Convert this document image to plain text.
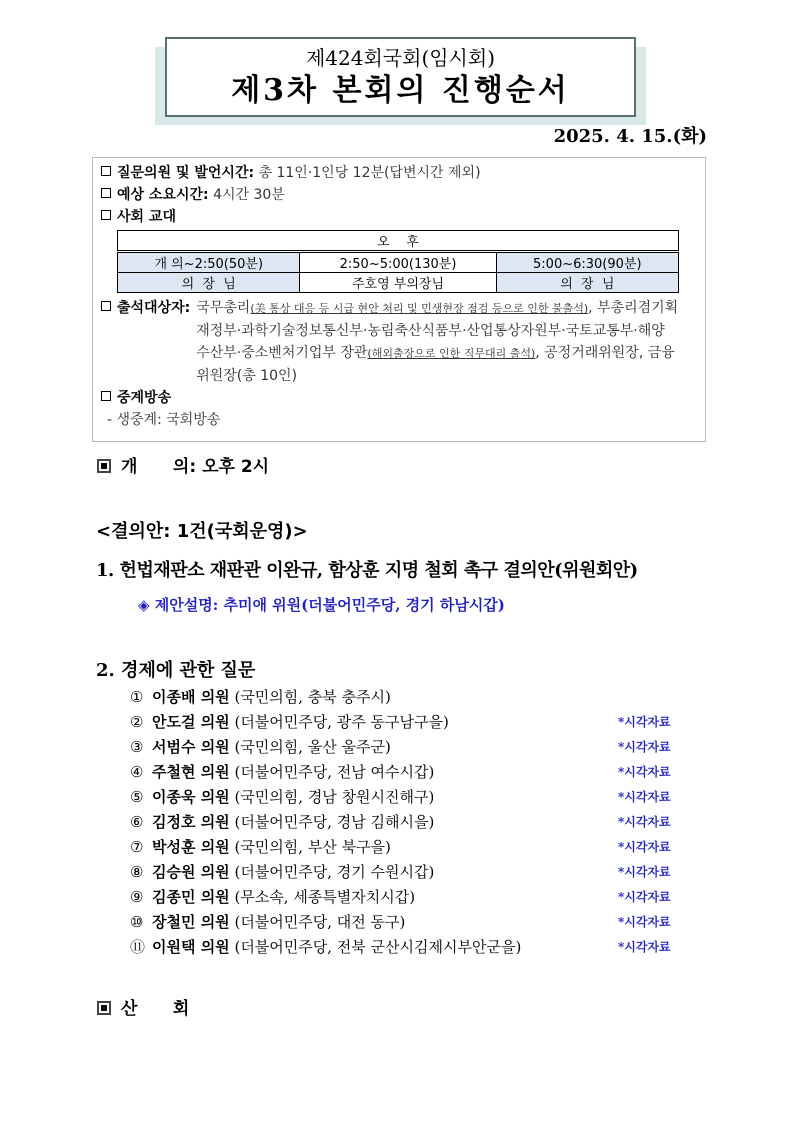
제424회국회(임시회)
제3차 본회의 진행순서
2025. 4. 15.(화)
질문의원 및 발언시간: 총 11인·1인당 12분(답변시간 제외)
예상 소요시간: 4시간 30분
사회 교대
오    후		
개 의~2:50(50분)	2:50~5:00(130분)	5:00~6:30(90분)
의  장  님	주호영 부의장님	의  장  님
출석대상자: 국무총리(美 통상 대응 등 시급 현안 처리 및 민생현장 점검 등으로 인한 불출석), 부총리겸기획
재정부·과학기술정보통신부·농림축산식품부·산업통상자원부·국토교통부·해양
수산부·중소벤처기업부 장관(해외출장으로 인한 직무대리 출석), 공정거래위원장, 금융
위원장(총 10인)
중계방송
- 생중계: 국회방송
개      의: 오후 2시
<결의안: 1건(국회운영)>
1. 헌법재판소 재판관 이완규, 함상훈 지명 철회 촉구 결의안(위원회안)
◈ 제안설명: 추미애 위원(더불어민주당, 경기 하남시갑)
2. 경제에 관한 질문
① 이종배 의원 (국민의힘, 충북 충주시)
② 안도걸 의원 (더불어민주당, 광주 동구남구을)	*시각자료
③ 서범수 의원 (국민의힘, 울산 울주군)	*시각자료
④ 주철현 의원 (더불어민주당, 전남 여수시갑)	*시각자료
⑤ 이종욱 의원 (국민의힘, 경남 창원시진해구)	*시각자료
⑥ 김정호 의원 (더불어민주당, 경남 김해시을)	*시각자료
⑦ 박성훈 의원 (국민의힘, 부산 북구을)	*시각자료
⑧ 김승원 의원 (더불어민주당, 경기 수원시갑)	*시각자료
⑨ 김종민 의원 (무소속, 세종특별자치시갑)	*시각자료
⑩ 장철민 의원 (더불어민주당, 대전 동구)	*시각자료
⑪ 이원택 의원 (더불어민주당, 전북 군산시김제시부안군을)	*시각자료
산      회
